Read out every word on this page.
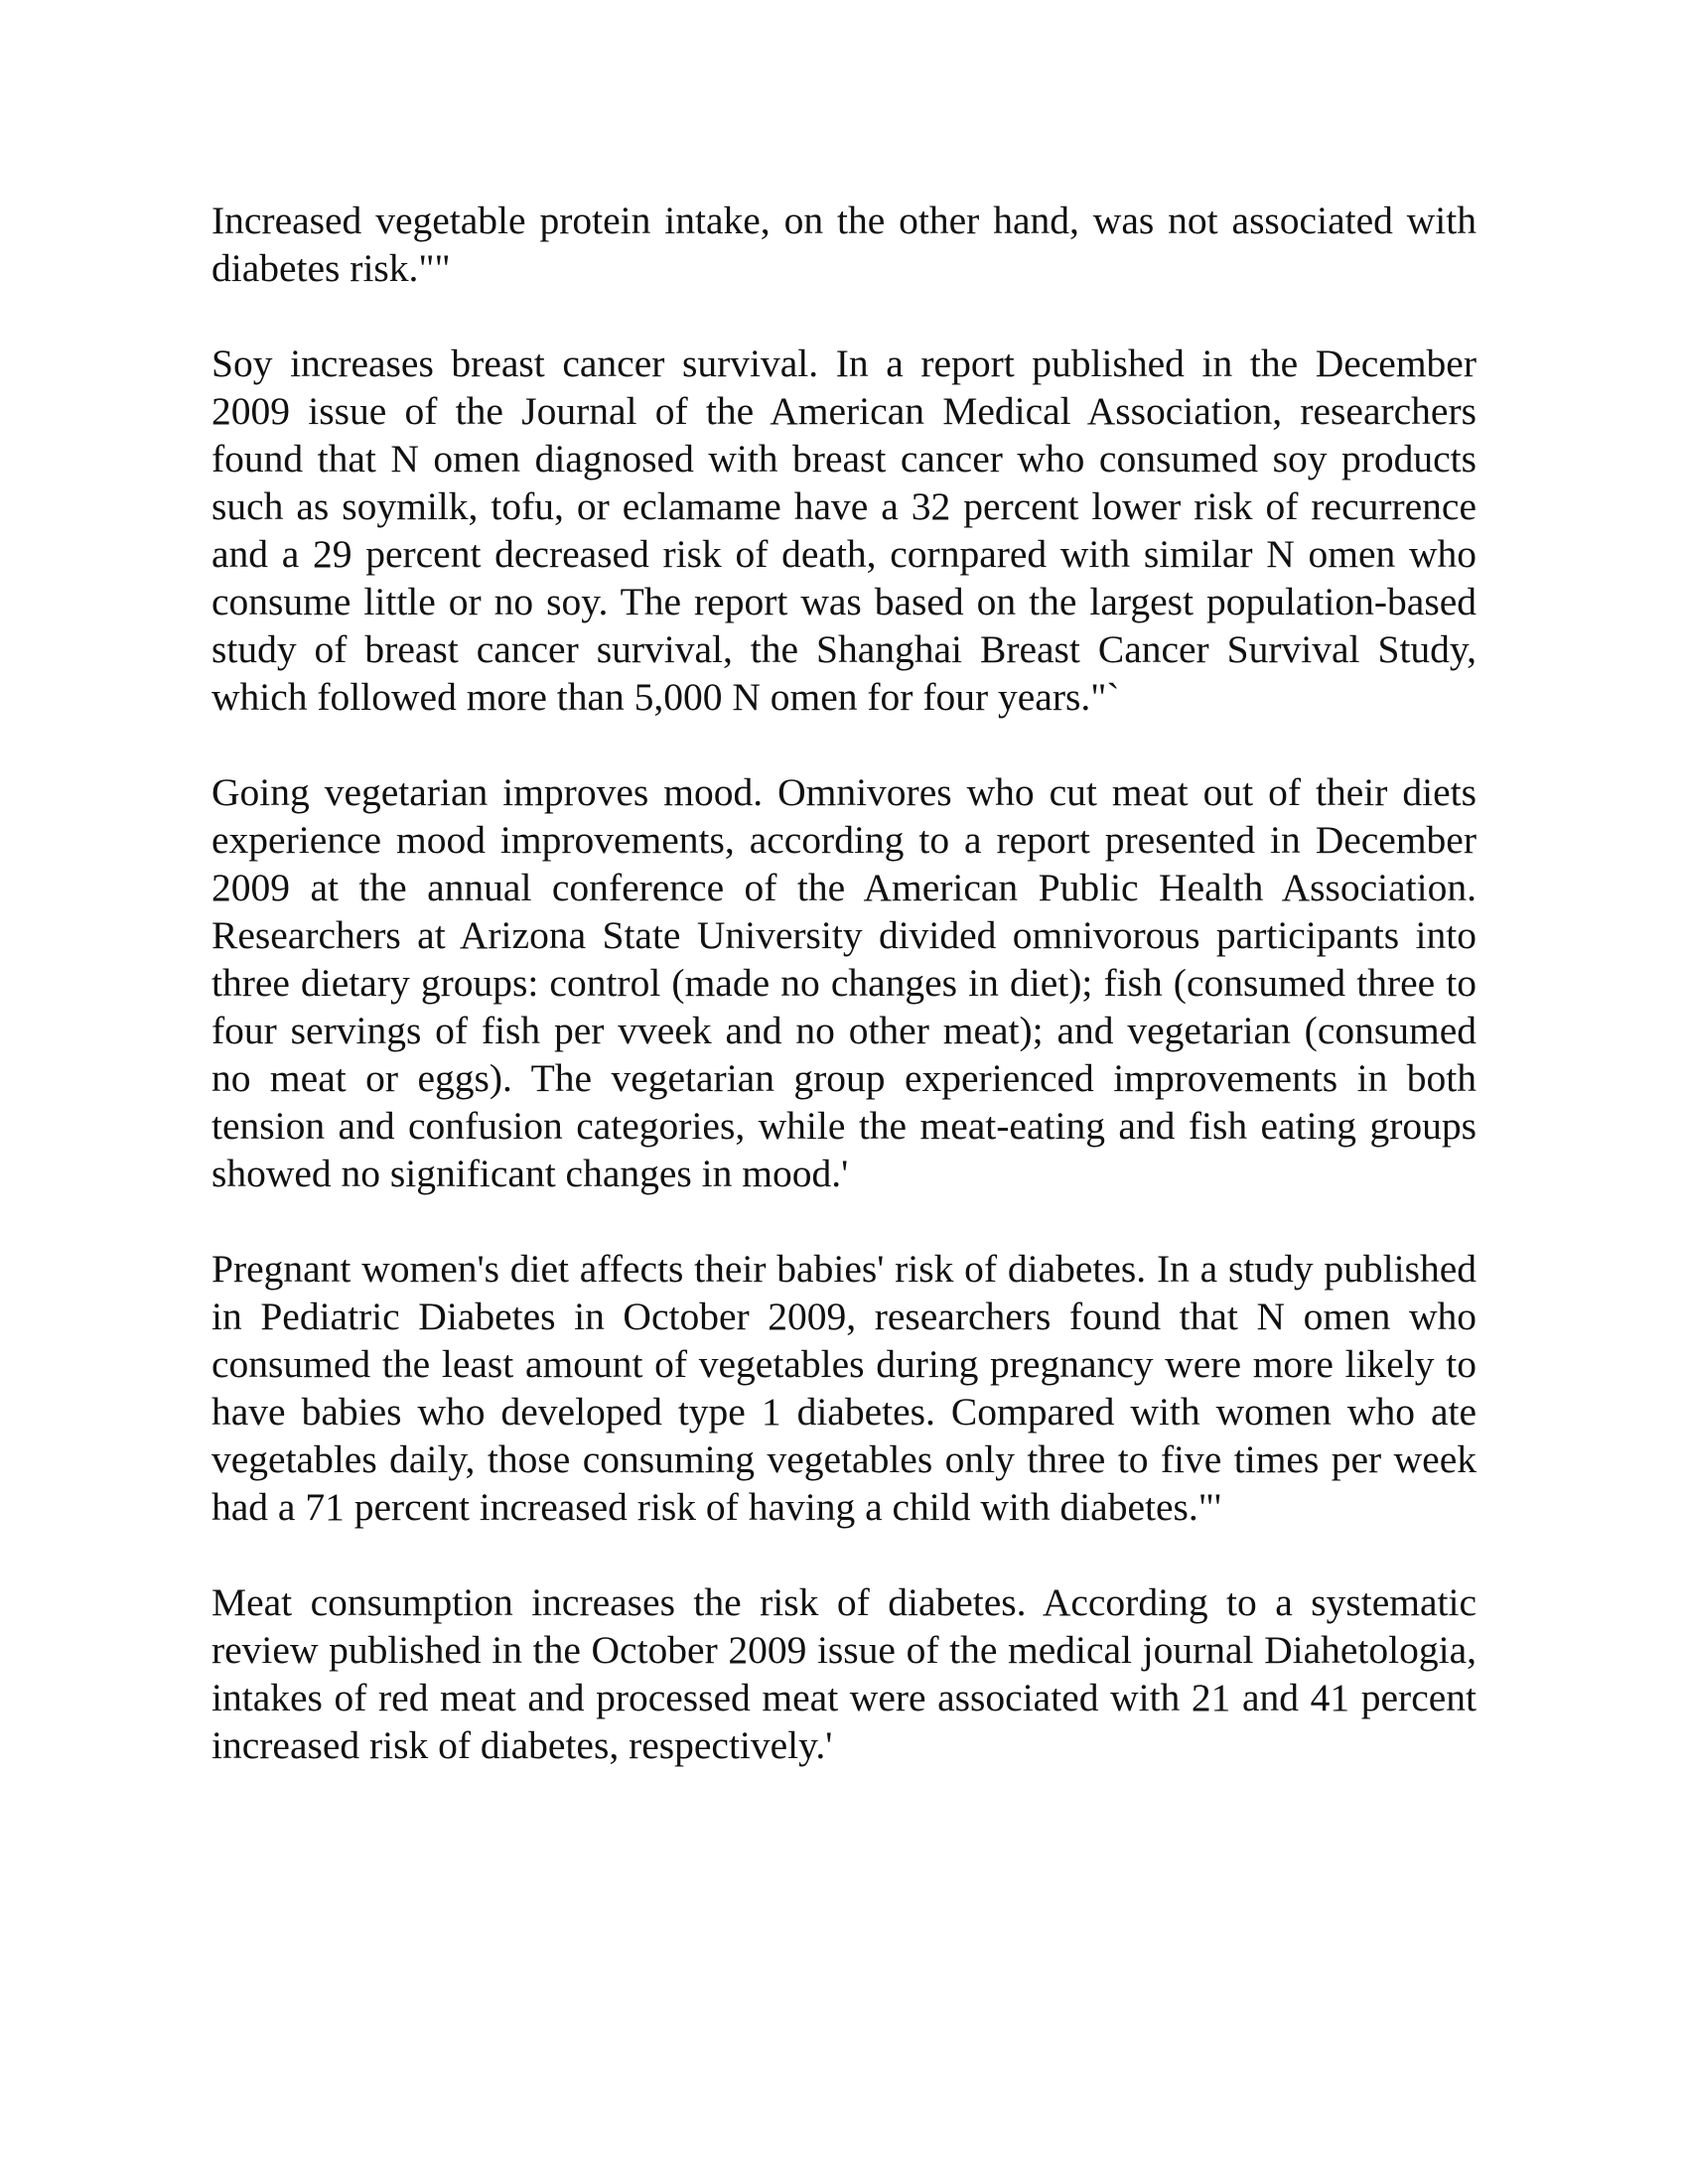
Increased vegetable protein intake, on the other hand, was not associated with diabetes risk.""

Soy increases breast cancer survival. In a report published in the December 2009 issue of the Journal of the American Medical Association, researchers found that N omen diagnosed with breast cancer who consumed soy products such as soymilk, tofu, or eclamame have a 32 percent lower risk of recurrence and a 29 percent decreased risk of death, cornpared with similar N omen who consume little or no soy. The report was based on the largest population-based study of breast cancer survival, the Shanghai Breast Cancer Survival Study, which followed more than 5,000 N omen for four years."`

Going vegetarian improves mood. Omnivores who cut meat out of their diets experience mood improvements, according to a report presented in December 2009 at the annual conference of the American Public Health Association. Researchers at Arizona State University divided omnivorous participants into three dietary groups: control (made no changes in diet); fish (consumed three to four servings of fish per vveek and no other meat); and vegetarian (consumed no meat or eggs). The vegetarian group experienced improvements in both tension and confusion categories, while the meat-eating and fish eating groups showed no significant changes in mood.'

Pregnant women's diet affects their babies' risk of diabetes. In a study published in Pediatric Diabetes in October 2009, researchers found that N omen who consumed the least amount of vegetables during pregnancy were more likely to have babies who developed type 1 diabetes. Compared with women who ate vegetables daily, those consuming vegetables only three to five times per week had a 71 percent increased risk of having a child with diabetes."'

Meat consumption increases the risk of diabetes. According to a systematic review published in the October 2009 issue of the medical journal Diahetologia, intakes of red meat and processed meat were associated with 21 and 41 percent increased risk of diabetes, respectively.'
